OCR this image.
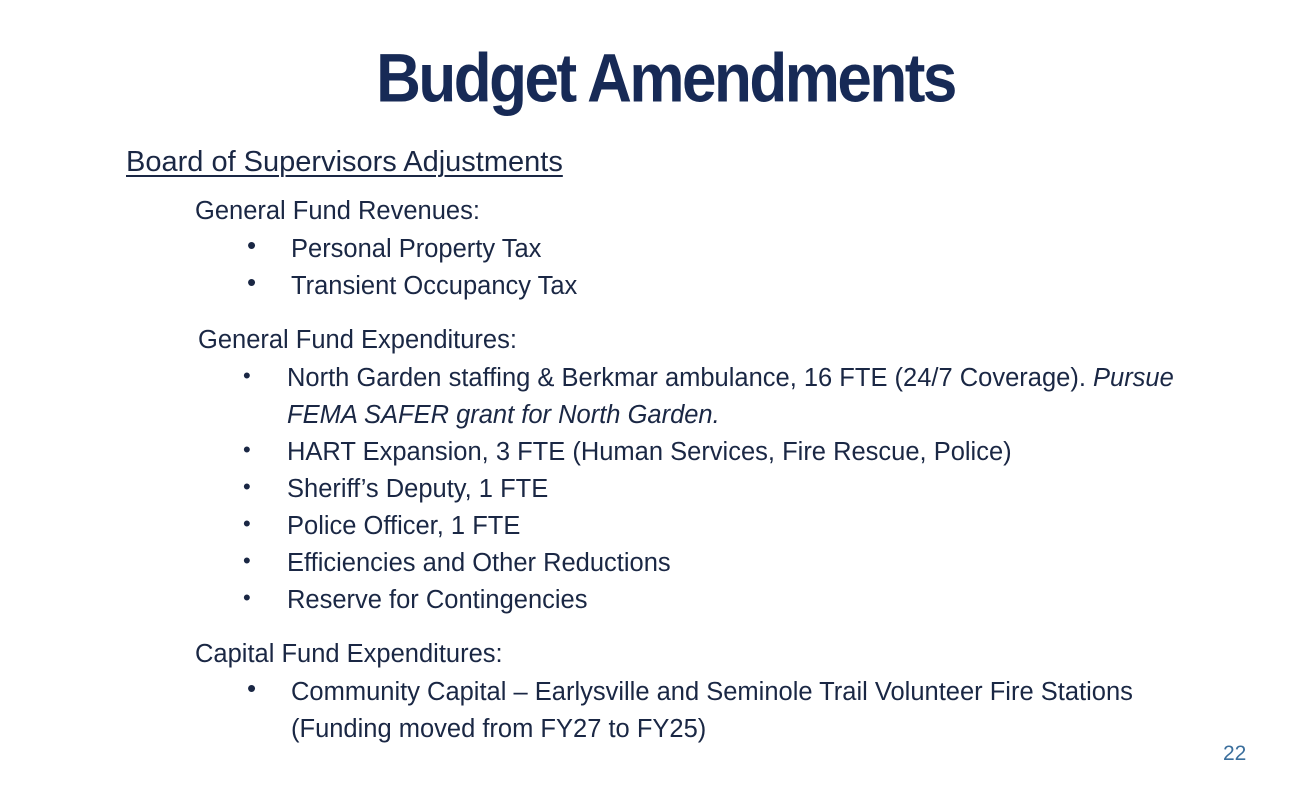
Budget Amendments
Board of Supervisors Adjustments
General Fund Revenues:
• Personal Property Tax
• Transient Occupancy Tax
General Fund Expenditures:
• North Garden staffing & Berkmar ambulance, 16 FTE (24/7 Coverage). Pursue
FEMA SAFER grant for North Garden.
• HART Expansion, 3 FTE (Human Services, Fire Rescue, Police)
• Sheriff’s Deputy, 1 FTE
• Police Officer, 1 FTE
• Efficiencies and Other Reductions
• Reserve for Contingencies
Capital Fund Expenditures:
• Community Capital – Earlysville and Seminole Trail Volunteer Fire Stations
(Funding moved from FY27 to FY25)
22
